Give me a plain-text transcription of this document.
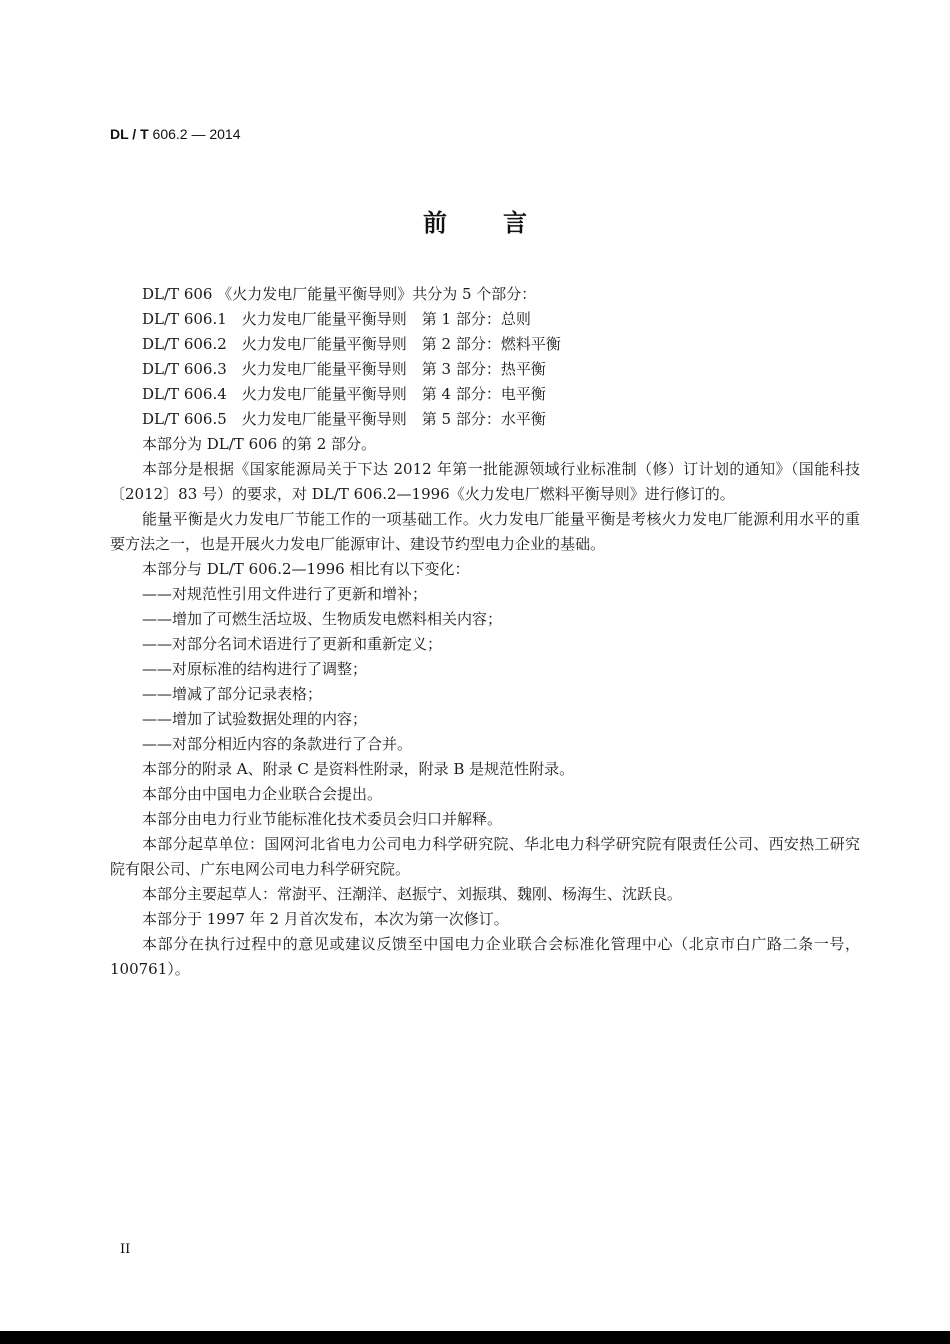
DL / T 606.2 — 2014
前言

DL/T 606 《火力发电厂能量平衡导则》共分为 5 个部分：

DL/T 606.1　火力发电厂能量平衡导则　第 1 部分：总则

DL/T 606.2　火力发电厂能量平衡导则　第 2 部分：燃料平衡

DL/T 606.3　火力发电厂能量平衡导则　第 3 部分：热平衡

DL/T 606.4　火力发电厂能量平衡导则　第 4 部分：电平衡

DL/T 606.5　火力发电厂能量平衡导则　第 5 部分：水平衡

本部分为 DL/T 606 的第 2 部分。

本部分是根据《国家能源局关于下达 2012 年第一批能源领域行业标准制（修）订计划的通知》（国能科技〔2012〕83 号）的要求，对 DL/T 606.2—1996《火力发电厂燃料平衡导则》进行修订的。

能量平衡是火力发电厂节能工作的一项基础工作。火力发电厂能量平衡是考核火力发电厂能源利用水平的重要方法之一，也是开展火力发电厂能源审计、建设节约型电力企业的基础。

本部分与 DL/T 606.2—1996 相比有以下变化：

——对规范性引用文件进行了更新和增补；

——增加了可燃生活垃圾、生物质发电燃料相关内容；

——对部分名词术语进行了更新和重新定义；

——对原标准的结构进行了调整；

——增减了部分记录表格；

——增加了试验数据处理的内容；

——对部分相近内容的条款进行了合并。

本部分的附录 A、附录 C 是资料性附录，附录 B 是规范性附录。

本部分由中国电力企业联合会提出。

本部分由电力行业节能标准化技术委员会归口并解释。

本部分起草单位：国网河北省电力公司电力科学研究院、华北电力科学研究院有限责任公司、西安热工研究院有限公司、广东电网公司电力科学研究院。

本部分主要起草人：常澍平、汪潮洋、赵振宁、刘振琪、魏刚、杨海生、沈跃良。

本部分于 1997 年 2 月首次发布，本次为第一次修订。

本部分在执行过程中的意见或建议反馈至中国电力企业联合会标准化管理中心（北京市白广路二条一号，100761）。

II
